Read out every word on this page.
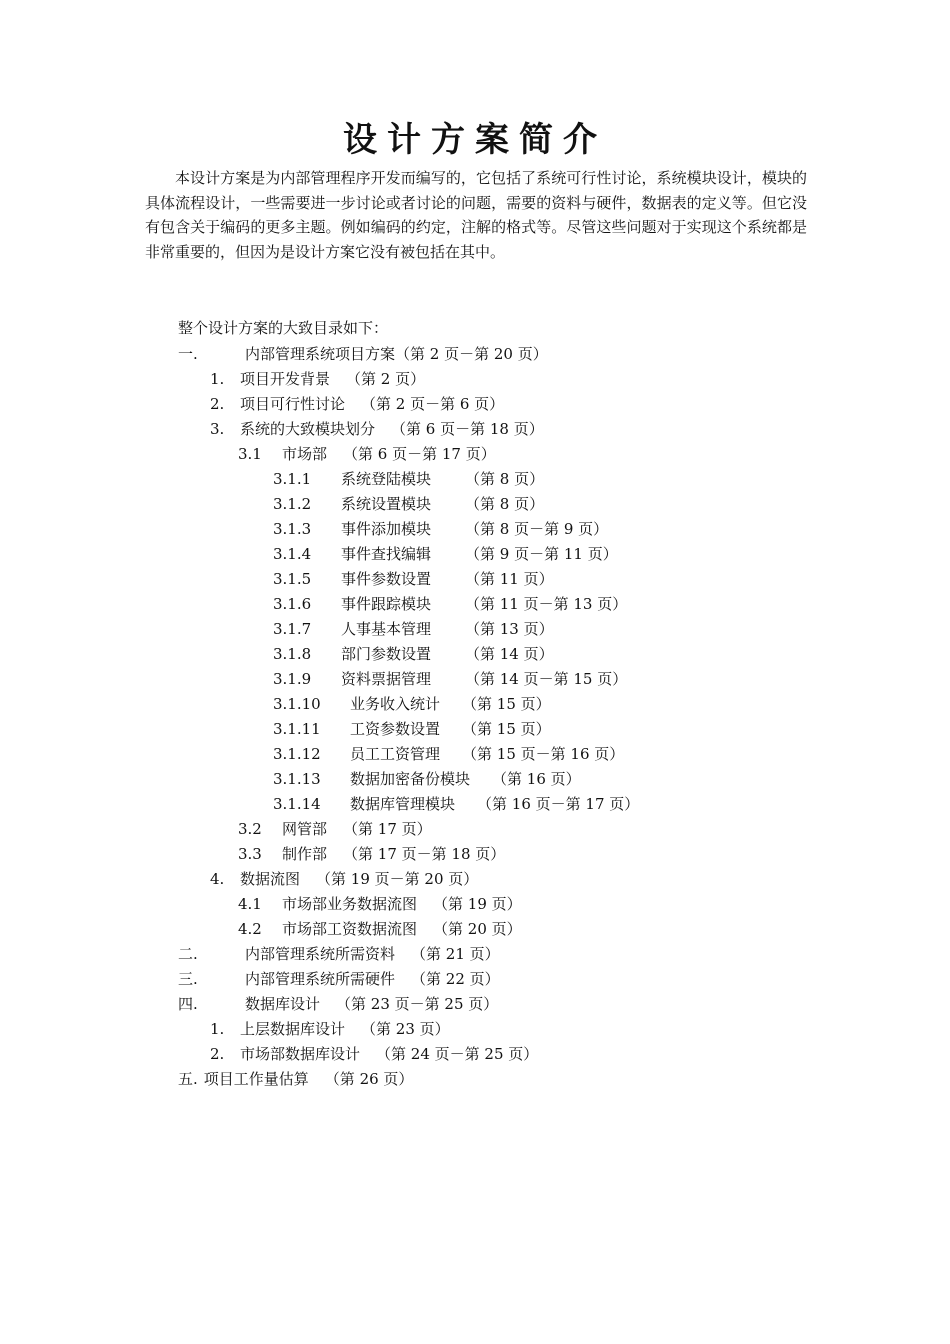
设计方案简介
本设计方案是为内部管理程序开发而编写的，它包括了系统可行性讨论，系统模块设计，模块的具体流程设计，一些需要进一步讨论或者讨论的问题，需要的资料与硬件，数据表的定义等。但它没有包含关于编码的更多主题。例如编码的约定，注解的格式等。尽管这些问题对于实现这个系统都是非常重要的，但因为是设计方案它没有被包括在其中。
整个设计方案的大致目录如下：
一.	内部管理系统项目方案（第 2 页－第 20 页）
1. 项目开发背景 （第 2 页）
2. 项目可行性讨论 （第 2 页－第 6 页）
3. 系统的大致模块划分 （第 6 页－第 18 页）
3.1 市场部 （第 6 页－第 17 页）
3.1.1 系统登陆模块 （第 8 页）
3.1.2 系统设置模块 （第 8 页）
3.1.3 事件添加模块 （第 8 页－第 9 页）
3.1.4 事件查找编辑 （第 9 页－第 11 页）
3.1.5 事件参数设置 （第 11 页）
3.1.6 事件跟踪模块 （第 11 页－第 13 页）
3.1.7 人事基本管理 （第 13 页）
3.1.8 部门参数设置 （第 14 页）
3.1.9 资料票据管理 （第 14 页－第 15 页）
3.1.10 业务收入统计 （第 15 页）
3.1.11 工资参数设置 （第 15 页）
3.1.12 员工工资管理 （第 15 页－第 16 页）
3.1.13 数据加密备份模块 （第 16 页）
3.1.14 数据库管理模块 （第 16 页－第 17 页）
3.2 网管部 （第 17 页）
3.3 制作部 （第 17 页－第 18 页）
4. 数据流图 （第 19 页－第 20 页）
4.1 市场部业务数据流图 （第 19 页）
4.2 市场部工资数据流图 （第 20 页）
二.	内部管理系统所需资料 （第 21 页）
三.	内部管理系统所需硬件 （第 22 页）
四.	数据库设计 （第 23 页－第 25 页）
1. 上层数据库设计 （第 23 页）
2. 市场部数据库设计 （第 24 页－第 25 页）
五. 项目工作量估算 （第 26 页）
